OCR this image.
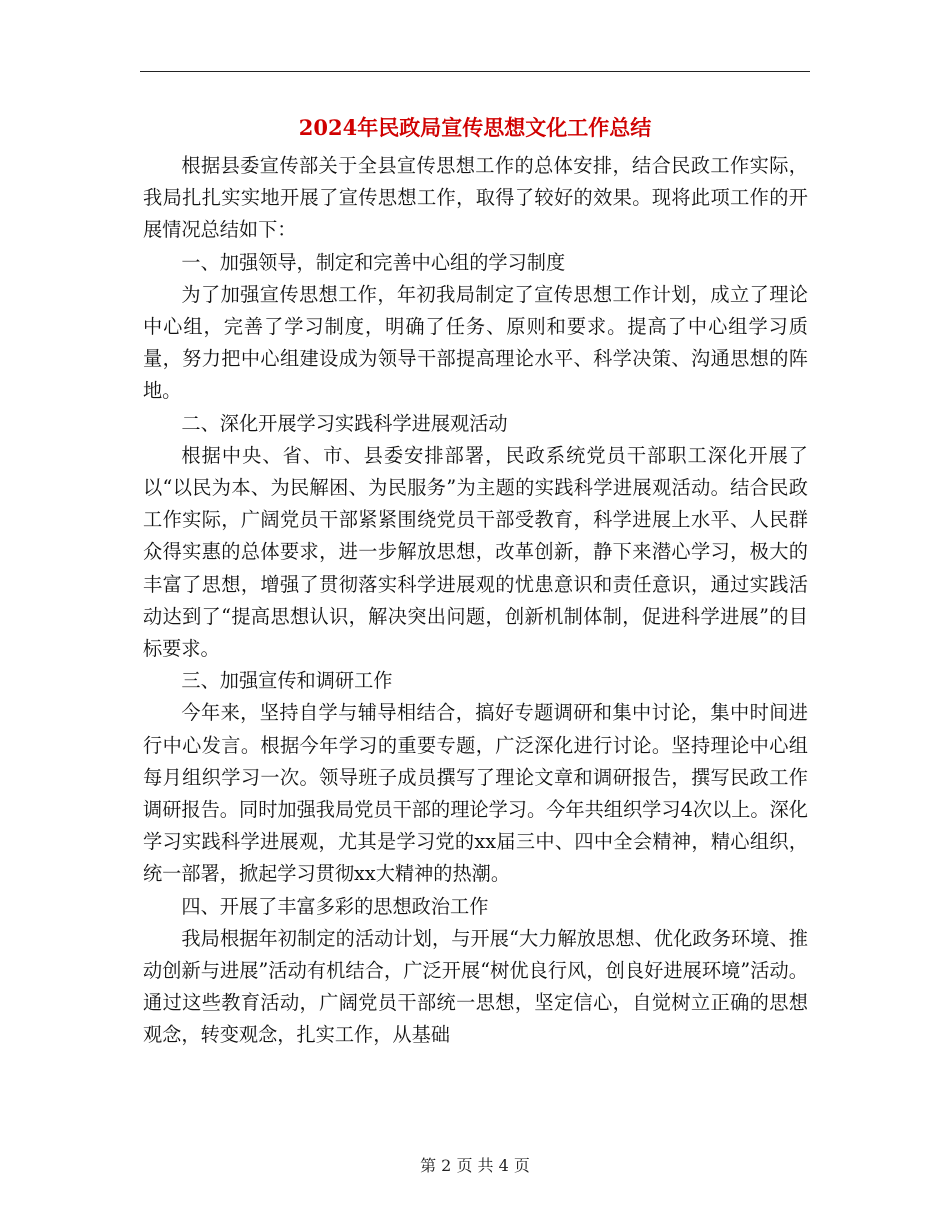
2024年民政局宣传思想文化工作总结

根据县委宣传部关于全县宣传思想工作的总体安排，结合民政工作实际，我局扎扎实实地开展了宣传思想工作，取得了较好的效果。现将此项工作的开展情况总结如下：

一、加强领导，制定和完善中心组的学习制度

为了加强宣传思想工作，年初我局制定了宣传思想工作计划，成立了理论中心组，完善了学习制度，明确了任务、原则和要求。提高了中心组学习质量，努力把中心组建设成为领导干部提高理论水平、科学决策、沟通思想的阵地。

二、深化开展学习实践科学进展观活动

根据中央、省、市、县委安排部署，民政系统党员干部职工深化开展了以“以民为本、为民解困、为民服务”为主题的实践科学进展观活动。结合民政工作实际，广阔党员干部紧紧围绕党员干部受教育，科学进展上水平、人民群众得实惠的总体要求，进一步解放思想，改革创新，静下来潜心学习，极大的丰富了思想，增强了贯彻落实科学进展观的忧患意识和责任意识，通过实践活动达到了“提高思想认识，解决突出问题，创新机制体制，促进科学进展”的目标要求。

三、加强宣传和调研工作

今年来，坚持自学与辅导相结合，搞好专题调研和集中讨论，集中时间进行中心发言。根据今年学习的重要专题，广泛深化进行讨论。坚持理论中心组每月组织学习一次。领导班子成员撰写了理论文章和调研报告，撰写民政工作调研报告。同时加强我局党员干部的理论学习。今年共组织学习4次以上。深化学习实践科学进展观，尤其是学习党的xx届三中、四中全会精神，精心组织，统一部署，掀起学习贯彻xx大精神的热潮。

四、开展了丰富多彩的思想政治工作

我局根据年初制定的活动计划，与开展“大力解放思想、优化政务环境、推动创新与进展”活动有机结合，广泛开展“树优良行风，创良好进展环境”活动。通过这些教育活动，广阔党员干部统一思想，坚定信心，自觉树立正确的思想观念，转变观念，扎实工作，从基础

第 2 页 共 4 页
